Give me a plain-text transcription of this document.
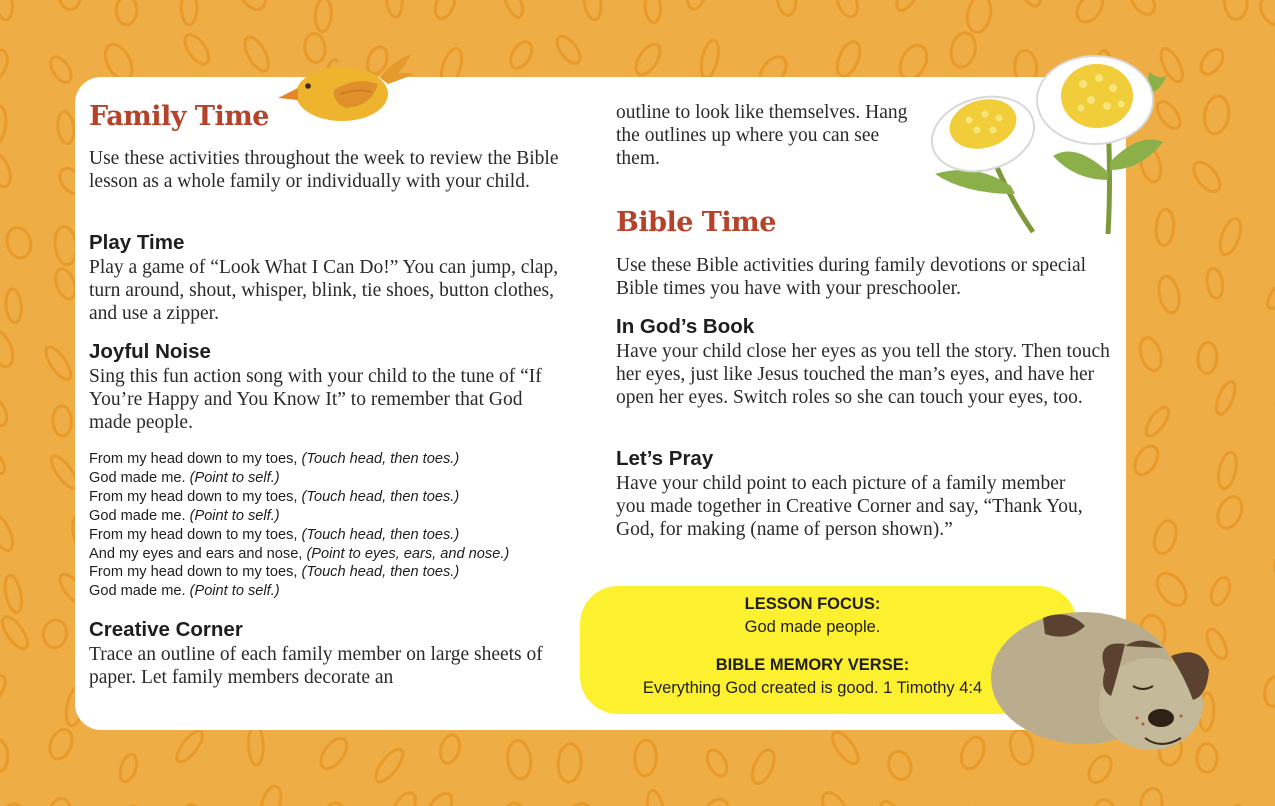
Family Time

Use these activities throughout the week to review the Bible lesson as a whole family or individually with your child.

Play Time

Play a game of “Look What I Can Do!” You can jump, clap, turn around, shout, whisper, blink, tie shoes, button clothes, and use a zipper.

Joyful Noise

Sing this fun action song with your child to the tune of “If You’re Happy and You Know It” to remember that God made people.

From my head down to my toes, (Touch head, then toes.)
God made me. (Point to self.)
From my head down to my toes, (Touch head, then toes.)
God made me. (Point to self.)
From my head down to my toes, (Touch head, then toes.)
And my eyes and ears and nose, (Point to eyes, ears, and nose.)
From my head down to my toes, (Touch head, then toes.)
God made me. (Point to self.)
Creative Corner

Trace an outline of each family member on large sheets of paper. Let family members decorate an

outline to look like themselves. Hang the outlines up where you can see them.

Bible Time

Use these Bible activities during family devotions or special Bible times you have with your preschooler.

In God’s Book

Have your child close her eyes as you tell the story. Then touch her eyes, just like Jesus touched the man’s eyes, and have her open her eyes. Switch roles so she can touch your eyes, too.

Let’s Pray

Have your child point to each picture of a family member you made together in Creative Corner and say, “Thank You, God, for making (name of person shown).”

LESSON FOCUS:
God made people.
BIBLE MEMORY VERSE:
Everything God created is good. 1 Timothy 4:4
